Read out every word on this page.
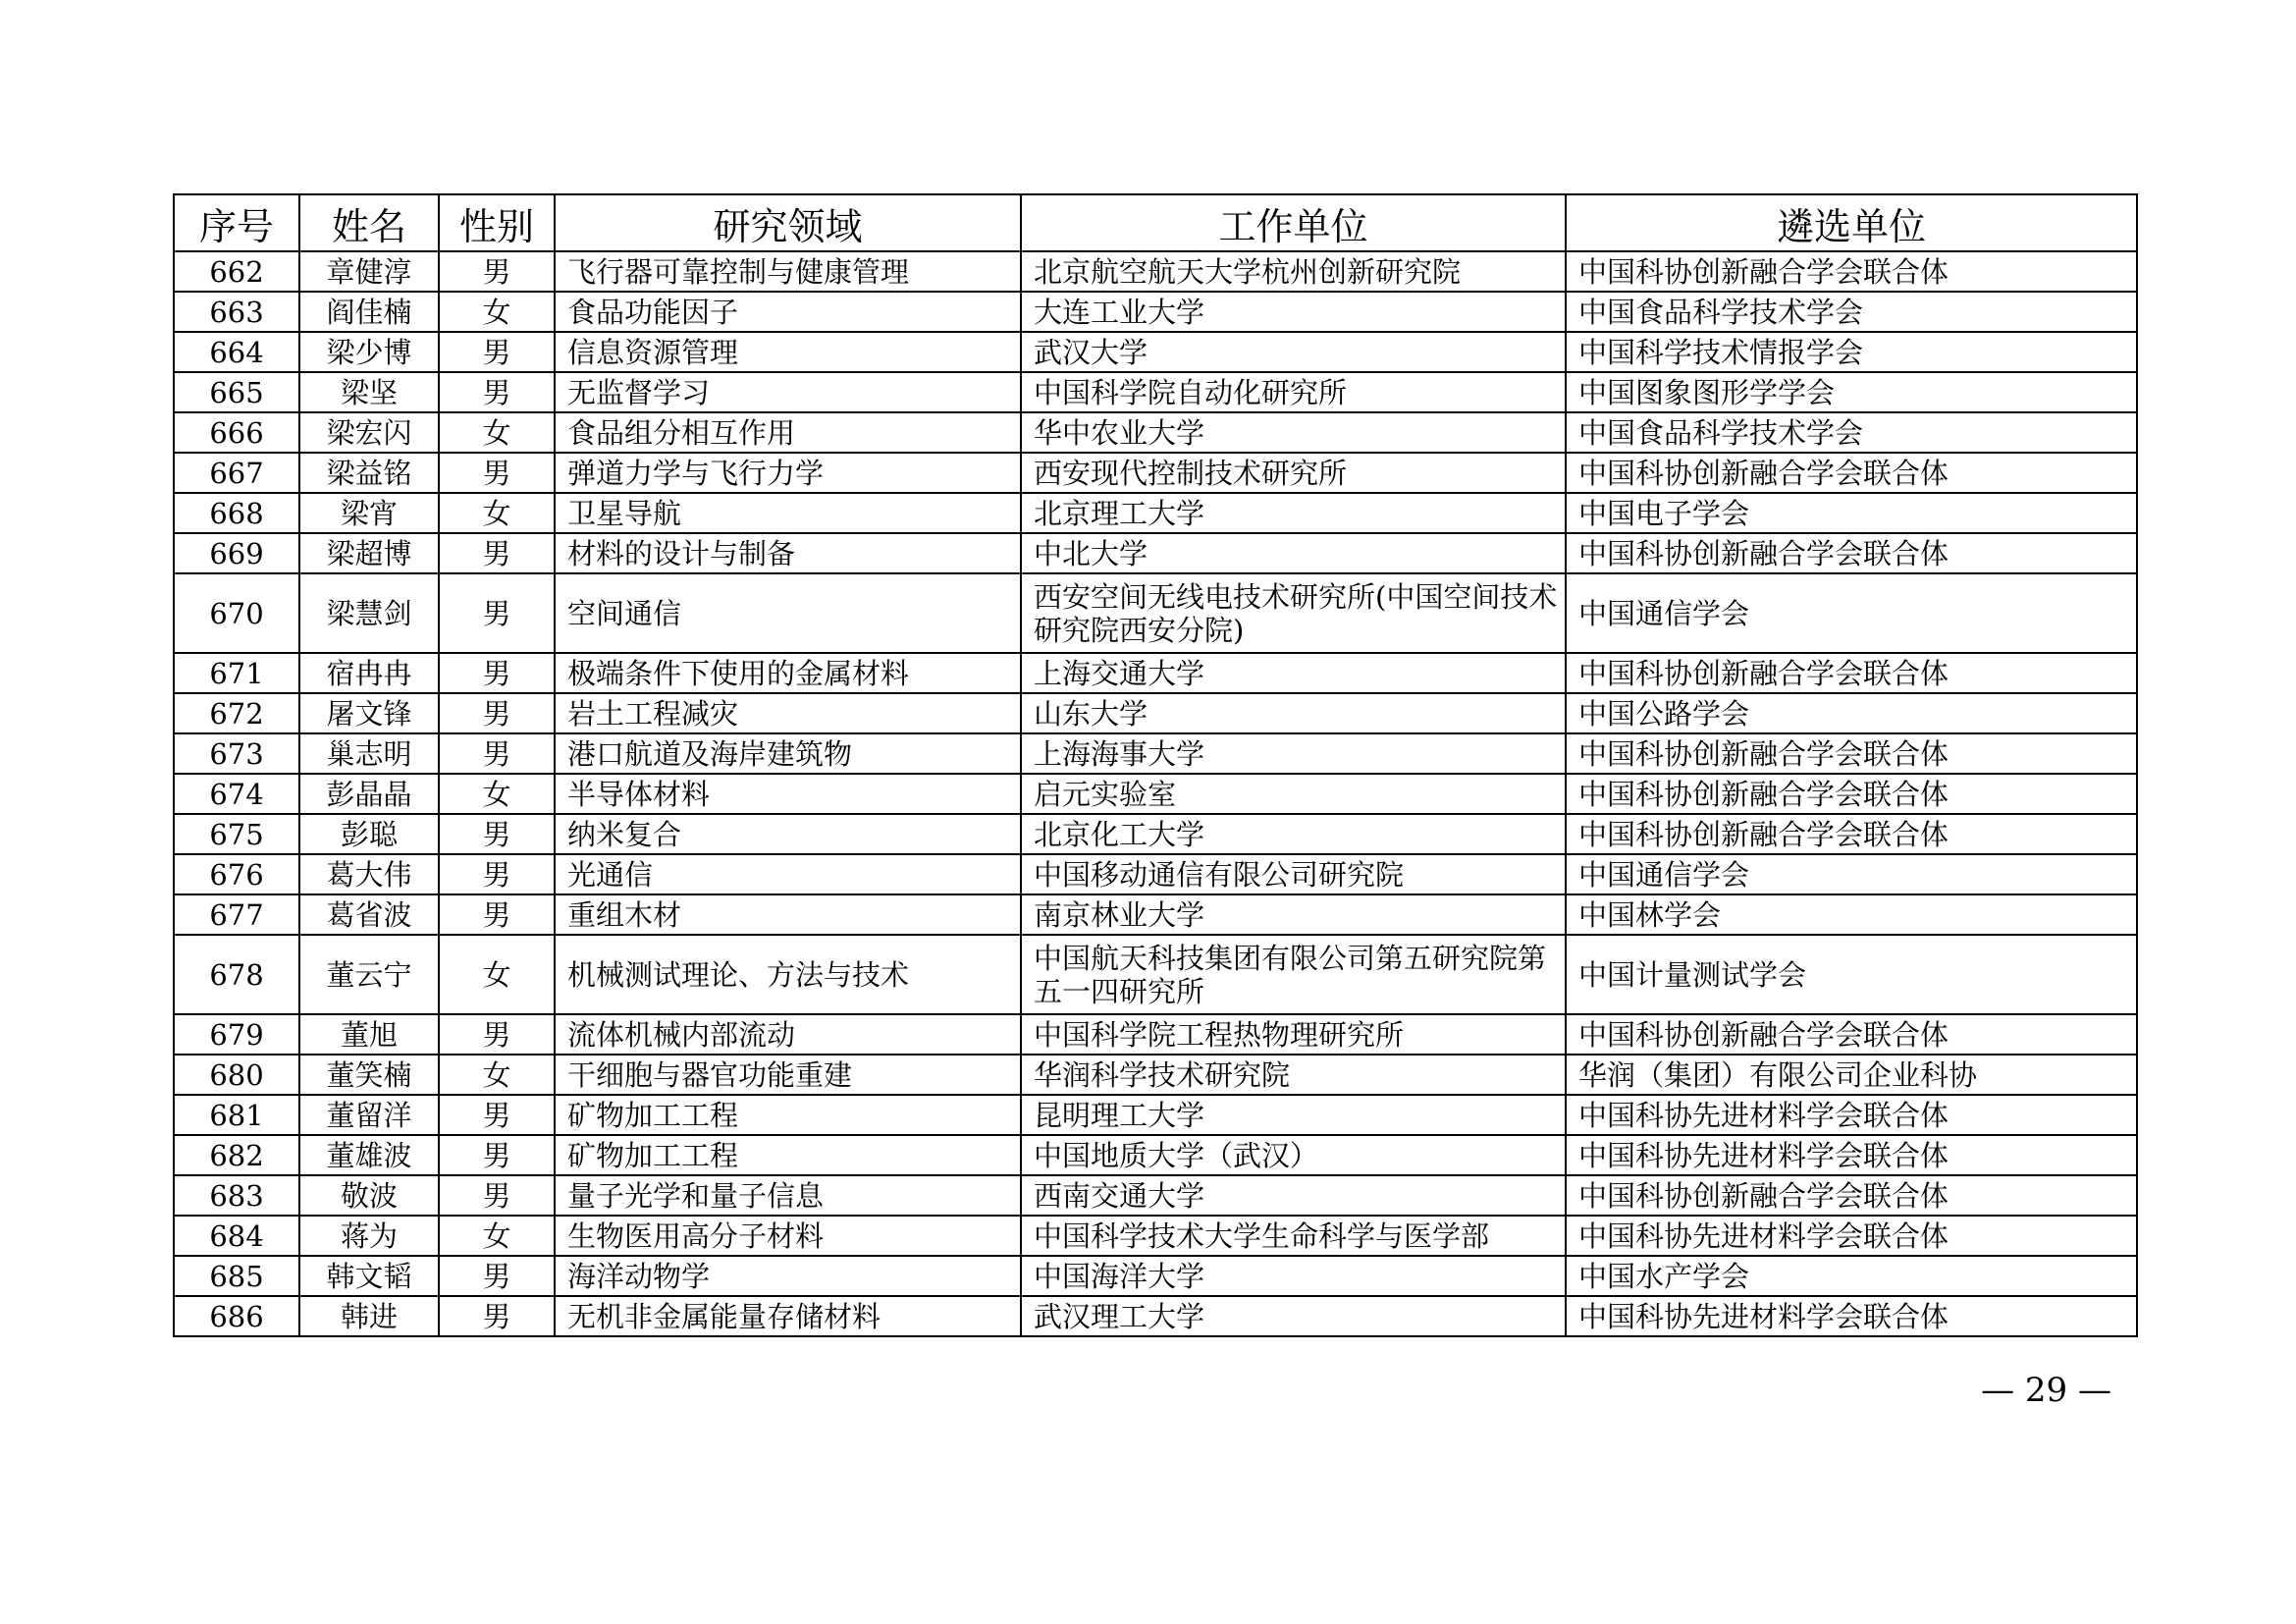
序号	姓名	性别	研究领域	工作单位	遴选单位
662	章健淳	男	飞行器可靠控制与健康管理	北京航空航天大学杭州创新研究院	中国科协创新融合学会联合体
663	阎佳楠	女	食品功能因子	大连工业大学	中国食品科学技术学会
664	梁少博	男	信息资源管理	武汉大学	中国科学技术情报学会
665	梁坚	男	无监督学习	中国科学院自动化研究所	中国图象图形学学会
666	梁宏闪	女	食品组分相互作用	华中农业大学	中国食品科学技术学会
667	梁益铭	男	弹道力学与飞行力学	西安现代控制技术研究所	中国科协创新融合学会联合体
668	梁宵	女	卫星导航	北京理工大学	中国电子学会
669	梁超博	男	材料的设计与制备	中北大学	中国科协创新融合学会联合体
670	梁慧剑	男	空间通信	西安空间无线电技术研究所(中国空间技术研究院西安分院)	中国通信学会
671	宿冉冉	男	极端条件下使用的金属材料	上海交通大学	中国科协创新融合学会联合体
672	屠文锋	男	岩土工程减灾	山东大学	中国公路学会
673	巢志明	男	港口航道及海岸建筑物	上海海事大学	中国科协创新融合学会联合体
674	彭晶晶	女	半导体材料	启元实验室	中国科协创新融合学会联合体
675	彭聪	男	纳米复合	北京化工大学	中国科协创新融合学会联合体
676	葛大伟	男	光通信	中国移动通信有限公司研究院	中国通信学会
677	葛省波	男	重组木材	南京林业大学	中国林学会
678	董云宁	女	机械测试理论、方法与技术	中国航天科技集团有限公司第五研究院第五一四研究所	中国计量测试学会
679	董旭	男	流体机械内部流动	中国科学院工程热物理研究所	中国科协创新融合学会联合体
680	董笑楠	女	干细胞与器官功能重建	华润科学技术研究院	华润（集团）有限公司企业科协
681	董留洋	男	矿物加工工程	昆明理工大学	中国科协先进材料学会联合体
682	董雄波	男	矿物加工工程	中国地质大学（武汉）	中国科协先进材料学会联合体
683	敬波	男	量子光学和量子信息	西南交通大学	中国科协创新融合学会联合体
684	蒋为	女	生物医用高分子材料	中国科学技术大学生命科学与医学部	中国科协先进材料学会联合体
685	韩文韬	男	海洋动物学	中国海洋大学	中国水产学会
686	韩进	男	无机非金属能量存储材料	武汉理工大学	中国科协先进材料学会联合体
— 29 —
